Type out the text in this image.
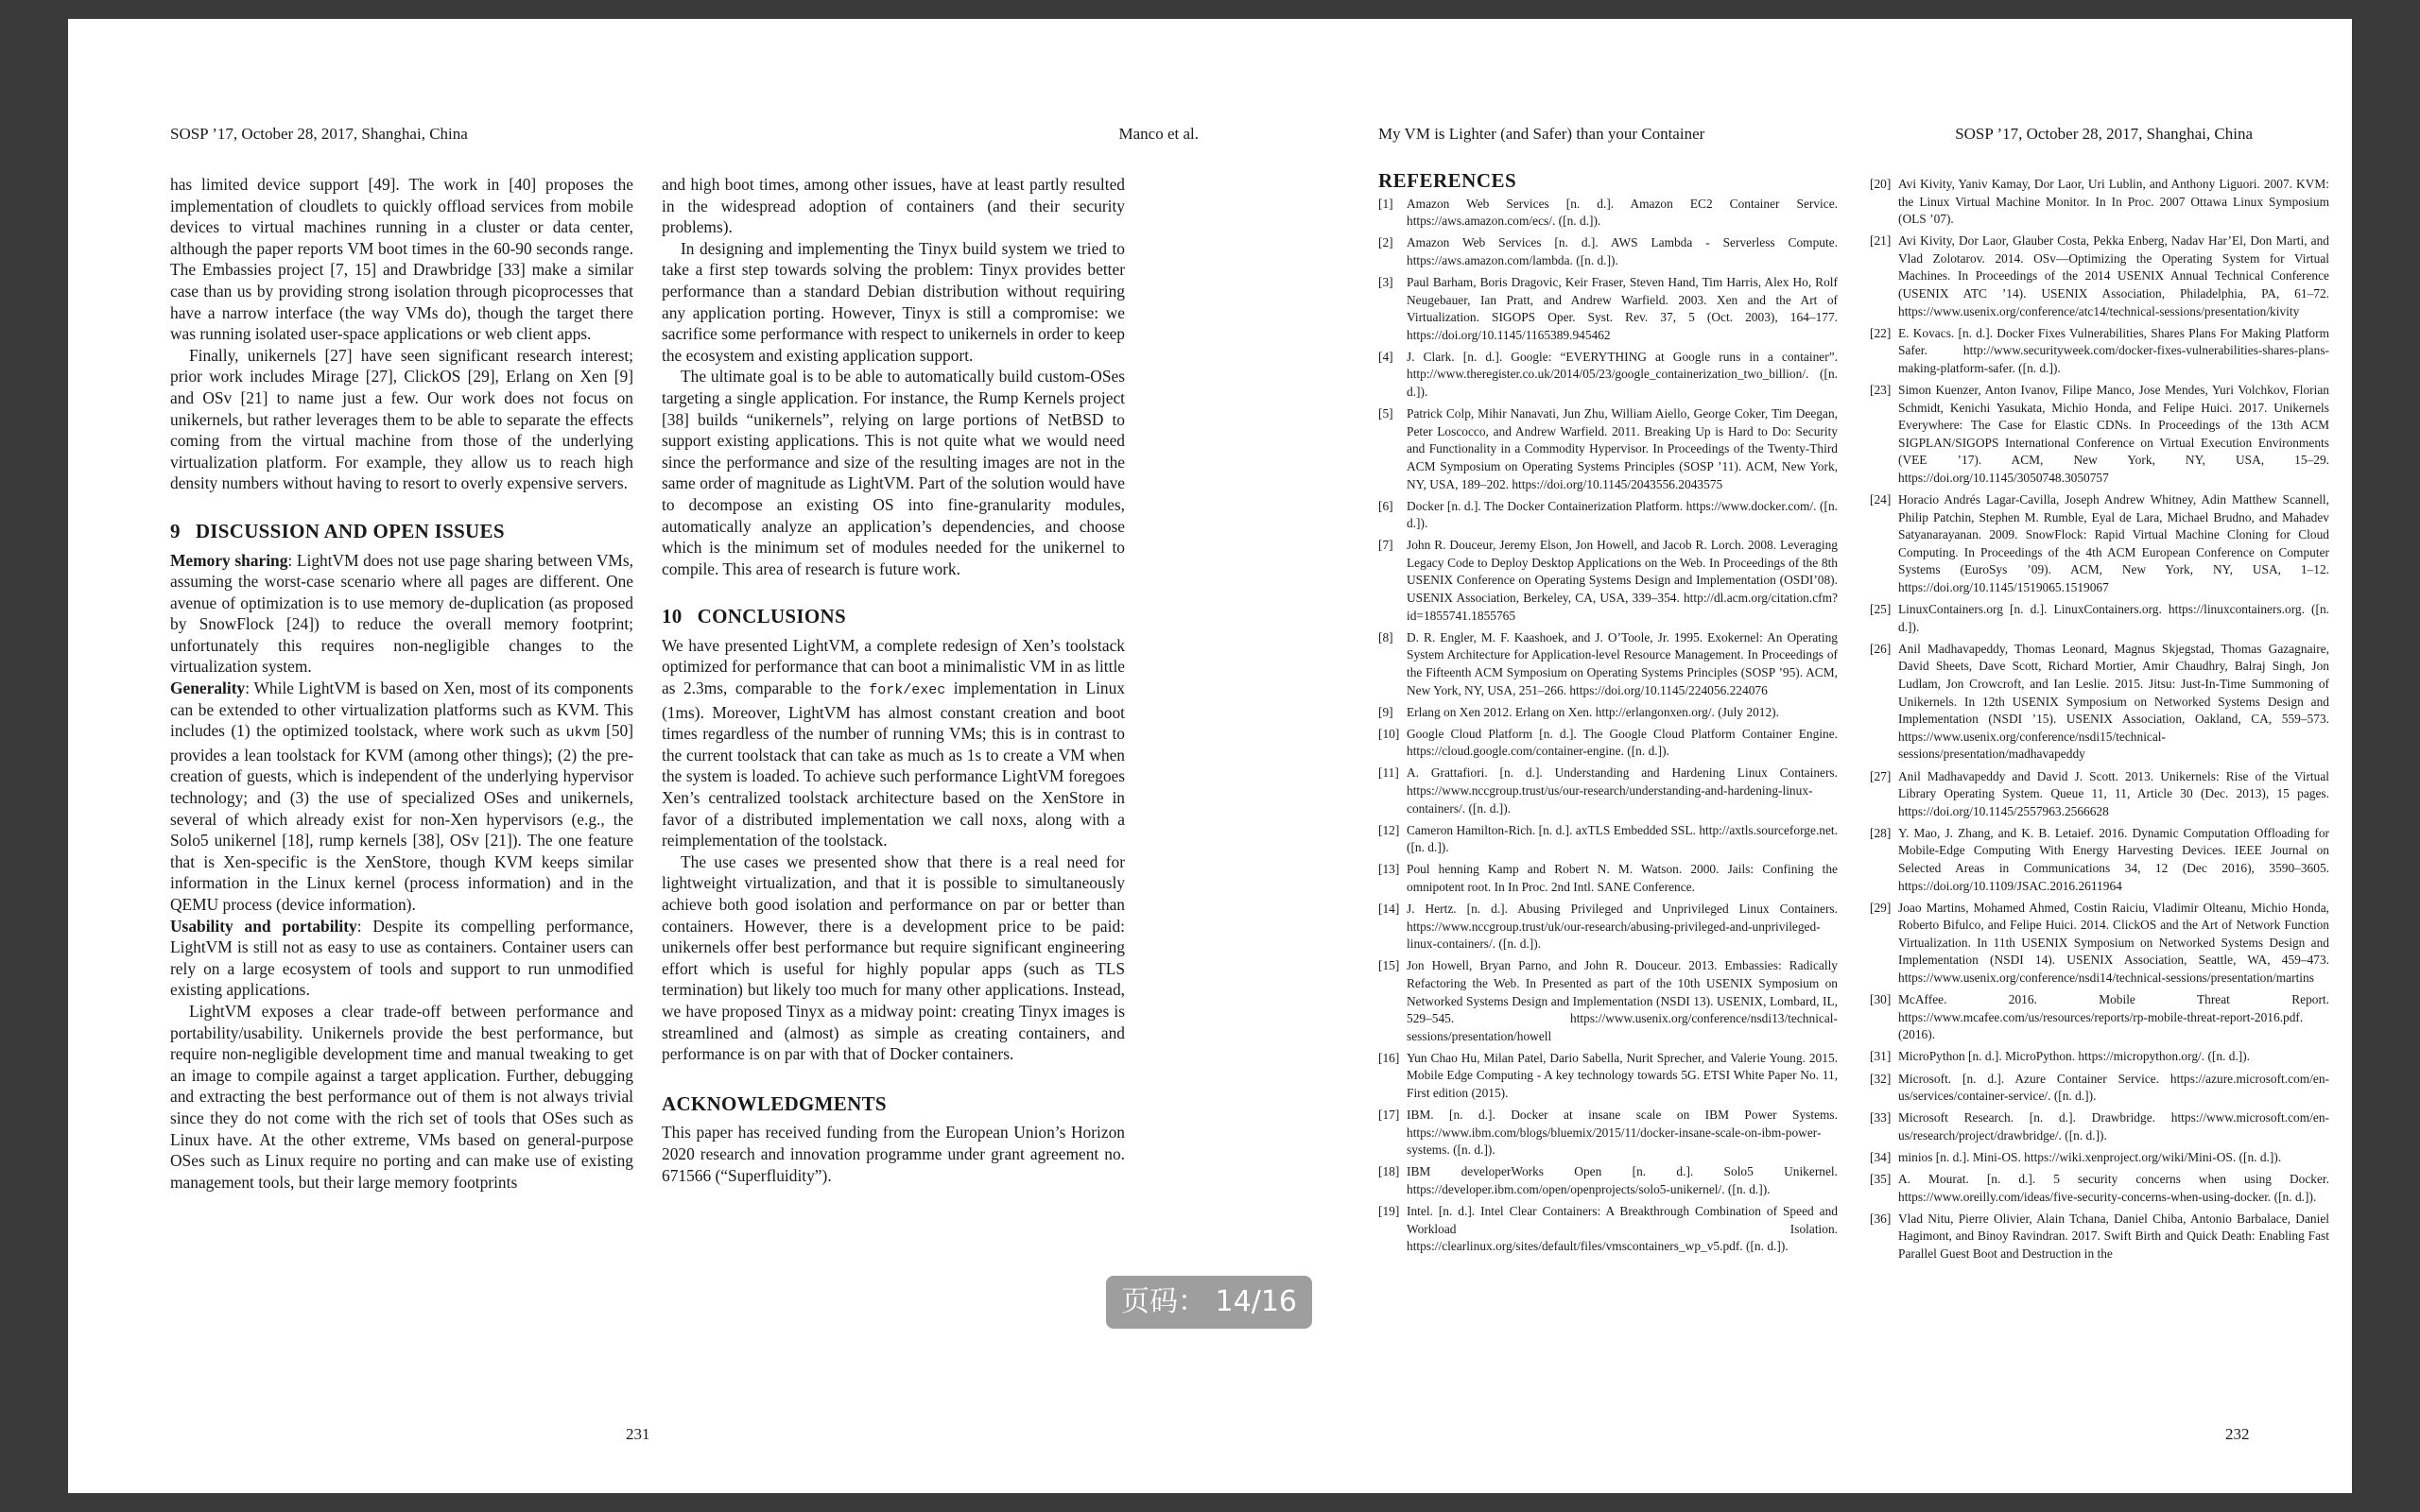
SOSP ’17, October 28, 2017, Shanghai, China	Manco et al.

has limited device support [49]. The work in [40] proposes the implementation of cloudlets to quickly offload services from mobile devices to virtual machines running in a cluster or data center, although the paper reports VM boot times in the 60-90 seconds range. The Embassies project [7, 15] and Drawbridge [33] make a similar case than us by providing strong isolation through picoprocesses that have a narrow interface (the way VMs do), though the target there was running isolated user-space applications or web client apps.

Finally, unikernels [27] have seen significant research interest; prior work includes Mirage [27], ClickOS [29], Erlang on Xen [9] and OSv [21] to name just a few. Our work does not focus on unikernels, but rather leverages them to be able to separate the effects coming from the virtual machine from those of the underlying virtualization platform. For example, they allow us to reach high density numbers without having to resort to overly expensive servers.

9 DISCUSSION AND OPEN ISSUES

Memory sharing: LightVM does not use page sharing between VMs, assuming the worst-case scenario where all pages are different. One avenue of optimization is to use memory de-duplication (as proposed by SnowFlock [24]) to reduce the overall memory footprint; unfortunately this requires non-negligible changes to the virtualization system.

Generality: While LightVM is based on Xen, most of its components can be extended to other virtualization platforms such as KVM. This includes (1) the optimized toolstack, where work such as ukvm [50] provides a lean toolstack for KVM (among other things); (2) the pre-creation of guests, which is independent of the underlying hypervisor technology; and (3) the use of specialized OSes and unikernels, several of which already exist for non-Xen hypervisors (e.g., the Solo5 unikernel [18], rump kernels [38], OSv [21]). The one feature that is Xen-specific is the XenStore, though KVM keeps similar information in the Linux kernel (process information) and in the QEMU process (device information).

Usability and portability: Despite its compelling performance, LightVM is still not as easy to use as containers. Container users can rely on a large ecosystem of tools and support to run unmodified existing applications.

LightVM exposes a clear trade-off between performance and portability/usability. Unikernels provide the best performance, but require non-negligible development time and manual tweaking to get an image to compile against a target application. Further, debugging and extracting the best performance out of them is not always trivial since they do not come with the rich set of tools that OSes such as Linux have. At the other extreme, VMs based on general-purpose OSes such as Linux require no porting and can make use of existing management tools, but their large memory footprints

and high boot times, among other issues, have at least partly resulted in the widespread adoption of containers (and their security problems).

In designing and implementing the Tinyx build system we tried to take a first step towards solving the problem: Tinyx provides better performance than a standard Debian distribution without requiring any application porting. However, Tinyx is still a compromise: we sacrifice some performance with respect to unikernels in order to keep the ecosystem and existing application support.

The ultimate goal is to be able to automatically build custom-OSes targeting a single application. For instance, the Rump Kernels project [38] builds “unikernels”, relying on large portions of NetBSD to support existing applications. This is not quite what we would need since the performance and size of the resulting images are not in the same order of magnitude as LightVM. Part of the solution would have to decompose an existing OS into fine-granularity modules, automatically analyze an application’s dependencies, and choose which is the minimum set of modules needed for the unikernel to compile. This area of research is future work.

10 CONCLUSIONS

We have presented LightVM, a complete redesign of Xen’s toolstack optimized for performance that can boot a minimalistic VM in as little as 2.3ms, comparable to the fork/exec implementation in Linux (1ms). Moreover, LightVM has almost constant creation and boot times regardless of the number of running VMs; this is in contrast to the current toolstack that can take as much as 1s to create a VM when the system is loaded. To achieve such performance LightVM foregoes Xen’s centralized toolstack architecture based on the XenStore in favor of a distributed implementation we call noxs, along with a reimplementation of the toolstack.

The use cases we presented show that there is a real need for lightweight virtualization, and that it is possible to simultaneously achieve both good isolation and performance on par or better than containers. However, there is a development price to be paid: unikernels offer best performance but require significant engineering effort which is useful for highly popular apps (such as TLS termination) but likely too much for many other applications. Instead, we have proposed Tinyx as a midway point: creating Tinyx images is streamlined and (almost) as simple as creating containers, and performance is on par with that of Docker containers.

ACKNOWLEDGMENTS

This paper has received funding from the European Union’s Horizon 2020 research and innovation programme under grant agreement no. 671566 (“Superfluidity”).

231
My VM is Lighter (and Safer) than your Container	SOSP ’17, October 28, 2017, Shanghai, China
REFERENCES
[1] Amazon Web Services [n. d.]. Amazon EC2 Container Service. https://aws.amazon.com/ecs/. ([n. d.]).
[2] Amazon Web Services [n. d.]. AWS Lambda - Serverless Compute. https://aws.amazon.com/lambda. ([n. d.]).
[3] Paul Barham, Boris Dragovic, Keir Fraser, Steven Hand, Tim Harris, Alex Ho, Rolf Neugebauer, Ian Pratt, and Andrew Warfield. 2003. Xen and the Art of Virtualization. SIGOPS Oper. Syst. Rev. 37, 5 (Oct. 2003), 164–177. https://doi.org/10.1145/1165389.945462
[4] J. Clark. [n. d.]. Google: “EVERYTHING at Google runs in a container”. http://www.theregister.co.uk/2014/05/23/google_containerization_two_billion/. ([n. d.]).
[5] Patrick Colp, Mihir Nanavati, Jun Zhu, William Aiello, George Coker, Tim Deegan, Peter Loscocco, and Andrew Warfield. 2011. Breaking Up is Hard to Do: Security and Functionality in a Commodity Hypervisor. In Proceedings of the Twenty-Third ACM Symposium on Operating Systems Principles (SOSP ’11). ACM, New York, NY, USA, 189–202. https://doi.org/10.1145/2043556.2043575
[6] Docker [n. d.]. The Docker Containerization Platform. https://www.docker.com/. ([n. d.]).
[7] John R. Douceur, Jeremy Elson, Jon Howell, and Jacob R. Lorch. 2008. Leveraging Legacy Code to Deploy Desktop Applications on the Web. In Proceedings of the 8th USENIX Conference on Operating Systems Design and Implementation (OSDI’08). USENIX Association, Berkeley, CA, USA, 339–354. http://dl.acm.org/citation.cfm?id=1855741.1855765
[8] D. R. Engler, M. F. Kaashoek, and J. O’Toole, Jr. 1995. Exokernel: An Operating System Architecture for Application-level Resource Management. In Proceedings of the Fifteenth ACM Symposium on Operating Systems Principles (SOSP ’95). ACM, New York, NY, USA, 251–266. https://doi.org/10.1145/224056.224076
[9] Erlang on Xen 2012. Erlang on Xen. http://erlangonxen.org/. (July 2012).
[10] Google Cloud Platform [n. d.]. The Google Cloud Platform Container Engine. https://cloud.google.com/container-engine. ([n. d.]).
[11] A. Grattafiori. [n. d.]. Understanding and Hardening Linux Containers. https://www.nccgroup.trust/us/our-research/understanding-and-hardening-linux-containers/. ([n. d.]).
[12] Cameron Hamilton-Rich. [n. d.]. axTLS Embedded SSL. http://axtls.sourceforge.net. ([n. d.]).
[13] Poul henning Kamp and Robert N. M. Watson. 2000. Jails: Confining the omnipotent root. In In Proc. 2nd Intl. SANE Conference.
[14] J. Hertz. [n. d.]. Abusing Privileged and Unprivileged Linux Containers. https://www.nccgroup.trust/uk/our-research/abusing-privileged-and-unprivileged-linux-containers/. ([n. d.]).
[15] Jon Howell, Bryan Parno, and John R. Douceur. 2013. Embassies: Radically Refactoring the Web. In Presented as part of the 10th USENIX Symposium on Networked Systems Design and Implementation (NSDI 13). USENIX, Lombard, IL, 529–545. https://www.usenix.org/conference/nsdi13/technical-sessions/presentation/howell
[16] Yun Chao Hu, Milan Patel, Dario Sabella, Nurit Sprecher, and Valerie Young. 2015. Mobile Edge Computing - A key technology towards 5G. ETSI White Paper No. 11, First edition (2015).
[17] IBM. [n. d.]. Docker at insane scale on IBM Power Systems. https://www.ibm.com/blogs/bluemix/2015/11/docker-insane-scale-on-ibm-power-systems. ([n. d.]).
[18] IBM developerWorks Open [n. d.]. Solo5 Unikernel. https://developer.ibm.com/open/openprojects/solo5-unikernel/. ([n. d.]).
[19] Intel. [n. d.]. Intel Clear Containers: A Breakthrough Combination of Speed and Workload Isolation. https://clearlinux.org/sites/default/files/vmscontainers_wp_v5.pdf. ([n. d.]).
[20] Avi Kivity, Yaniv Kamay, Dor Laor, Uri Lublin, and Anthony Liguori. 2007. KVM: the Linux Virtual Machine Monitor. In In Proc. 2007 Ottawa Linux Symposium (OLS ’07).
[21] Avi Kivity, Dor Laor, Glauber Costa, Pekka Enberg, Nadav Har’El, Don Marti, and Vlad Zolotarov. 2014. OSv—Optimizing the Operating System for Virtual Machines. In Proceedings of the 2014 USENIX Annual Technical Conference (USENIX ATC ’14). USENIX Association, Philadelphia, PA, 61–72. https://www.usenix.org/conference/atc14/technical-sessions/presentation/kivity
[22] E. Kovacs. [n. d.]. Docker Fixes Vulnerabilities, Shares Plans For Making Platform Safer. http://www.securityweek.com/docker-fixes-vulnerabilities-shares-plans-making-platform-safer. ([n. d.]).
[23] Simon Kuenzer, Anton Ivanov, Filipe Manco, Jose Mendes, Yuri Volchkov, Florian Schmidt, Kenichi Yasukata, Michio Honda, and Felipe Huici. 2017. Unikernels Everywhere: The Case for Elastic CDNs. In Proceedings of the 13th ACM SIGPLAN/SIGOPS International Conference on Virtual Execution Environments (VEE ’17). ACM, New York, NY, USA, 15–29. https://doi.org/10.1145/3050748.3050757
[24] Horacio Andrés Lagar-Cavilla, Joseph Andrew Whitney, Adin Matthew Scannell, Philip Patchin, Stephen M. Rumble, Eyal de Lara, Michael Brudno, and Mahadev Satyanarayanan. 2009. SnowFlock: Rapid Virtual Machine Cloning for Cloud Computing. In Proceedings of the 4th ACM European Conference on Computer Systems (EuroSys ’09). ACM, New York, NY, USA, 1–12. https://doi.org/10.1145/1519065.1519067
[25] LinuxContainers.org [n. d.]. LinuxContainers.org. https://linuxcontainers.org. ([n. d.]).
[26] Anil Madhavapeddy, Thomas Leonard, Magnus Skjegstad, Thomas Gazagnaire, David Sheets, Dave Scott, Richard Mortier, Amir Chaudhry, Balraj Singh, Jon Ludlam, Jon Crowcroft, and Ian Leslie. 2015. Jitsu: Just-In-Time Summoning of Unikernels. In 12th USENIX Symposium on Networked Systems Design and Implementation (NSDI ’15). USENIX Association, Oakland, CA, 559–573. https://www.usenix.org/conference/nsdi15/technical-sessions/presentation/madhavapeddy
[27] Anil Madhavapeddy and David J. Scott. 2013. Unikernels: Rise of the Virtual Library Operating System. Queue 11, 11, Article 30 (Dec. 2013), 15 pages. https://doi.org/10.1145/2557963.2566628
[28] Y. Mao, J. Zhang, and K. B. Letaief. 2016. Dynamic Computation Offloading for Mobile-Edge Computing With Energy Harvesting Devices. IEEE Journal on Selected Areas in Communications 34, 12 (Dec 2016), 3590–3605. https://doi.org/10.1109/JSAC.2016.2611964
[29] Joao Martins, Mohamed Ahmed, Costin Raiciu, Vladimir Olteanu, Michio Honda, Roberto Bifulco, and Felipe Huici. 2014. ClickOS and the Art of Network Function Virtualization. In 11th USENIX Symposium on Networked Systems Design and Implementation (NSDI 14). USENIX Association, Seattle, WA, 459–473. https://www.usenix.org/conference/nsdi14/technical-sessions/presentation/martins
[30] McAffee. 2016. Mobile Threat Report. https://www.mcafee.com/us/resources/reports/rp-mobile-threat-report-2016.pdf. (2016).
[31] MicroPython [n. d.]. MicroPython. https://micropython.org/. ([n. d.]).
[32] Microsoft. [n. d.]. Azure Container Service. https://azure.microsoft.com/en-us/services/container-service/. ([n. d.]).
[33] Microsoft Research. [n. d.]. Drawbridge. https://www.microsoft.com/en-us/research/project/drawbridge/. ([n. d.]).
[34] minios [n. d.]. Mini-OS. https://wiki.xenproject.org/wiki/Mini-OS. ([n. d.]).
[35] A. Mourat. [n. d.]. 5 security concerns when using Docker. https://www.oreilly.com/ideas/five-security-concerns-when-using-docker. ([n. d.]).
[36] Vlad Nitu, Pierre Olivier, Alain Tchana, Daniel Chiba, Antonio Barbalace, Daniel Hagimont, and Binoy Ravindran. 2017. Swift Birth and Quick Death: Enabling Fast Parallel Guest Boot and Destruction in the
232
页码： 14/16
